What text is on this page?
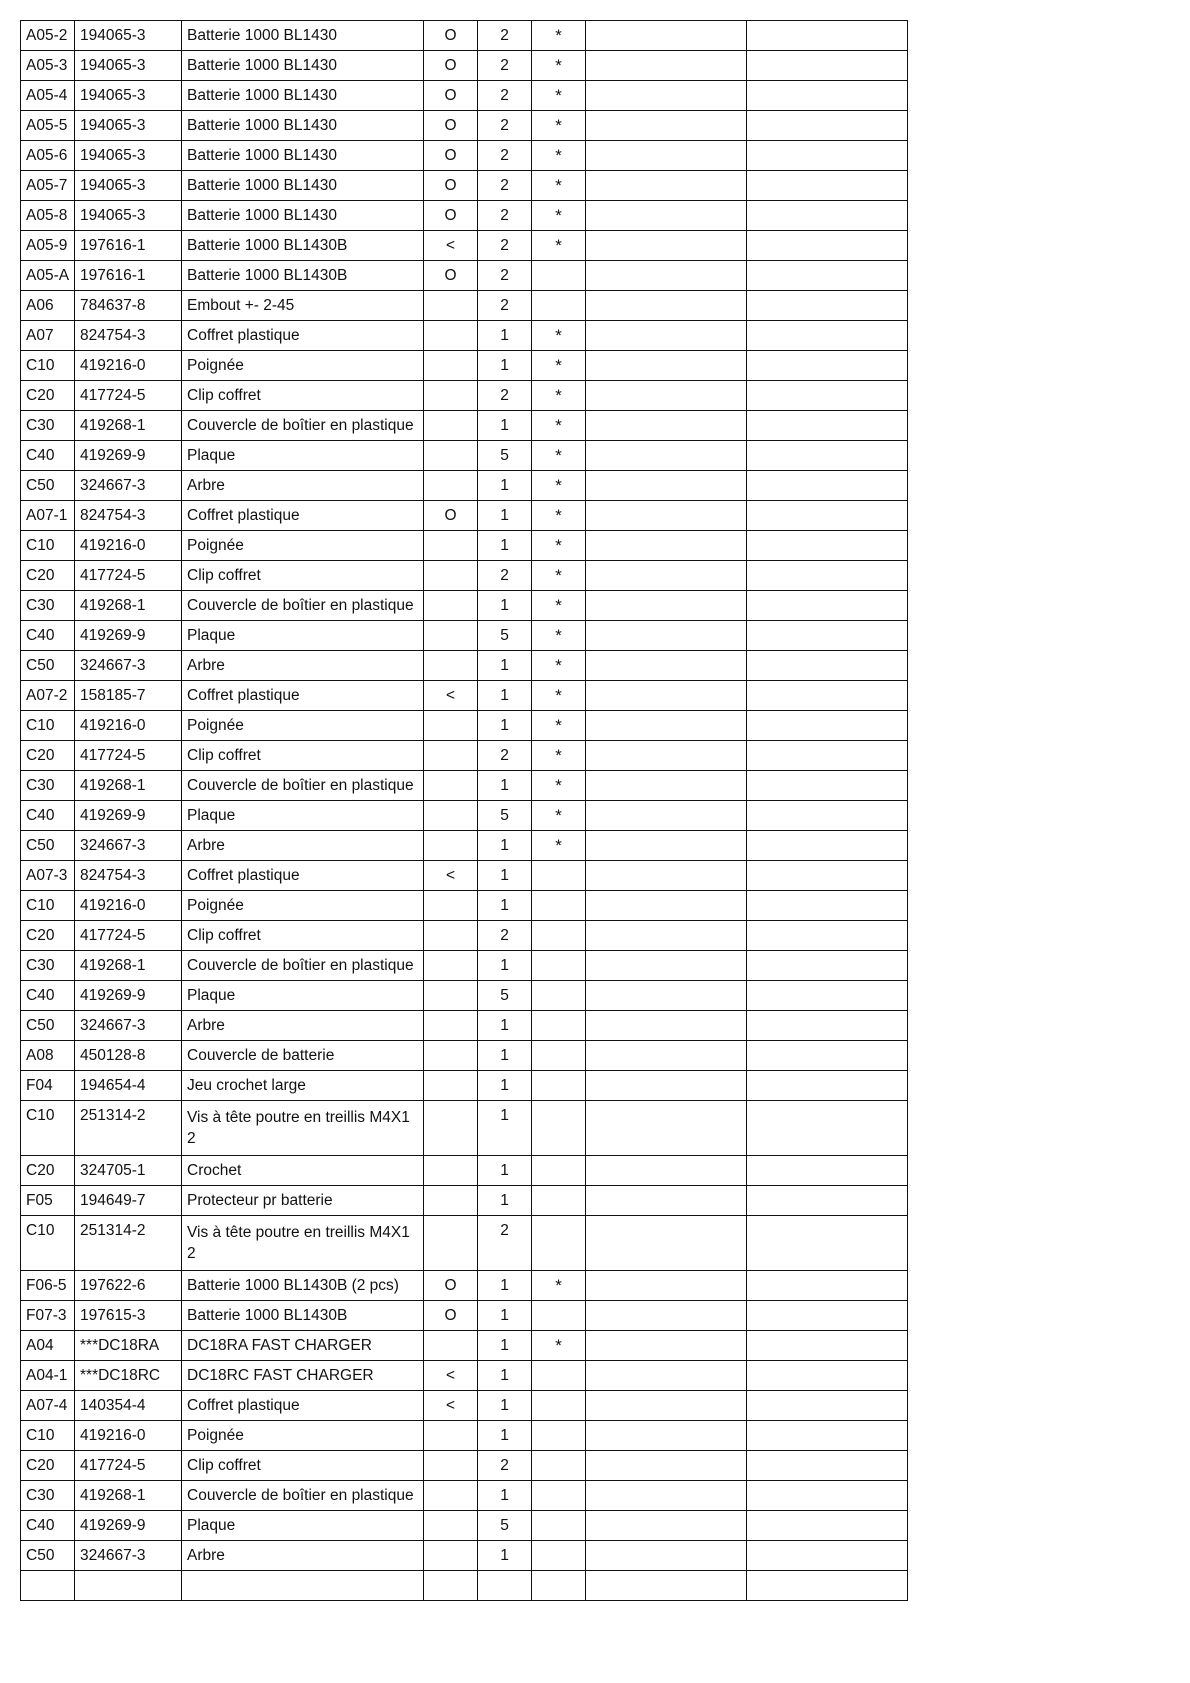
A05-2	194065-3	Batterie 1000 BL1430	O	2	*		
A05-3	194065-3	Batterie 1000 BL1430	O	2	*		
A05-4	194065-3	Batterie 1000 BL1430	O	2	*		
A05-5	194065-3	Batterie 1000 BL1430	O	2	*		
A05-6	194065-3	Batterie 1000 BL1430	O	2	*		
A05-7	194065-3	Batterie 1000 BL1430	O	2	*		
A05-8	194065-3	Batterie 1000 BL1430	O	2	*		
A05-9	197616-1	Batterie 1000 BL1430B	<	2	*		
A05-A	197616-1	Batterie 1000 BL1430B	O	2			
A06	784637-8	Embout +- 2-45		2			
A07	824754-3	Coffret plastique		1	*		
C10	419216-0	Poignée		1	*		
C20	417724-5	Clip coffret		2	*		
C30	419268-1	Couvercle de boîtier en plastique		1	*		
C40	419269-9	Plaque		5	*		
C50	324667-3	Arbre		1	*		
A07-1	824754-3	Coffret plastique	O	1	*		
C10	419216-0	Poignée		1	*		
C20	417724-5	Clip coffret		2	*		
C30	419268-1	Couvercle de boîtier en plastique		1	*		
C40	419269-9	Plaque		5	*		
C50	324667-3	Arbre		1	*		
A07-2	158185-7	Coffret plastique	<	1	*		
C10	419216-0	Poignée		1	*		
C20	417724-5	Clip coffret		2	*		
C30	419268-1	Couvercle de boîtier en plastique		1	*		
C40	419269-9	Plaque		5	*		
C50	324667-3	Arbre		1	*		
A07-3	824754-3	Coffret plastique	<	1			
C10	419216-0	Poignée		1			
C20	417724-5	Clip coffret		2			
C30	419268-1	Couvercle de boîtier en plastique		1			
C40	419269-9	Plaque		5			
C50	324667-3	Arbre		1			
A08	450128-8	Couvercle de batterie		1			
F04	194654-4	Jeu crochet large		1			
C10	251314-2	Vis à tête poutre en treillis M4X1 2		1			
C20	324705-1	Crochet		1			
F05	194649-7	Protecteur pr batterie		1			
C10	251314-2	Vis à tête poutre en treillis M4X1 2		2			
F06-5	197622-6	Batterie 1000 BL1430B (2 pcs)	O	1	*		
F07-3	197615-3	Batterie 1000 BL1430B	O	1			
A04	***DC18RA	DC18RA FAST CHARGER		1	*		
A04-1	***DC18RC	DC18RC FAST CHARGER	<	1			
A07-4	140354-4	Coffret plastique	<	1			
C10	419216-0	Poignée		1			
C20	417724-5	Clip coffret		2			
C30	419268-1	Couvercle de boîtier en plastique		1			
C40	419269-9	Plaque		5			
C50	324667-3	Arbre		1			
